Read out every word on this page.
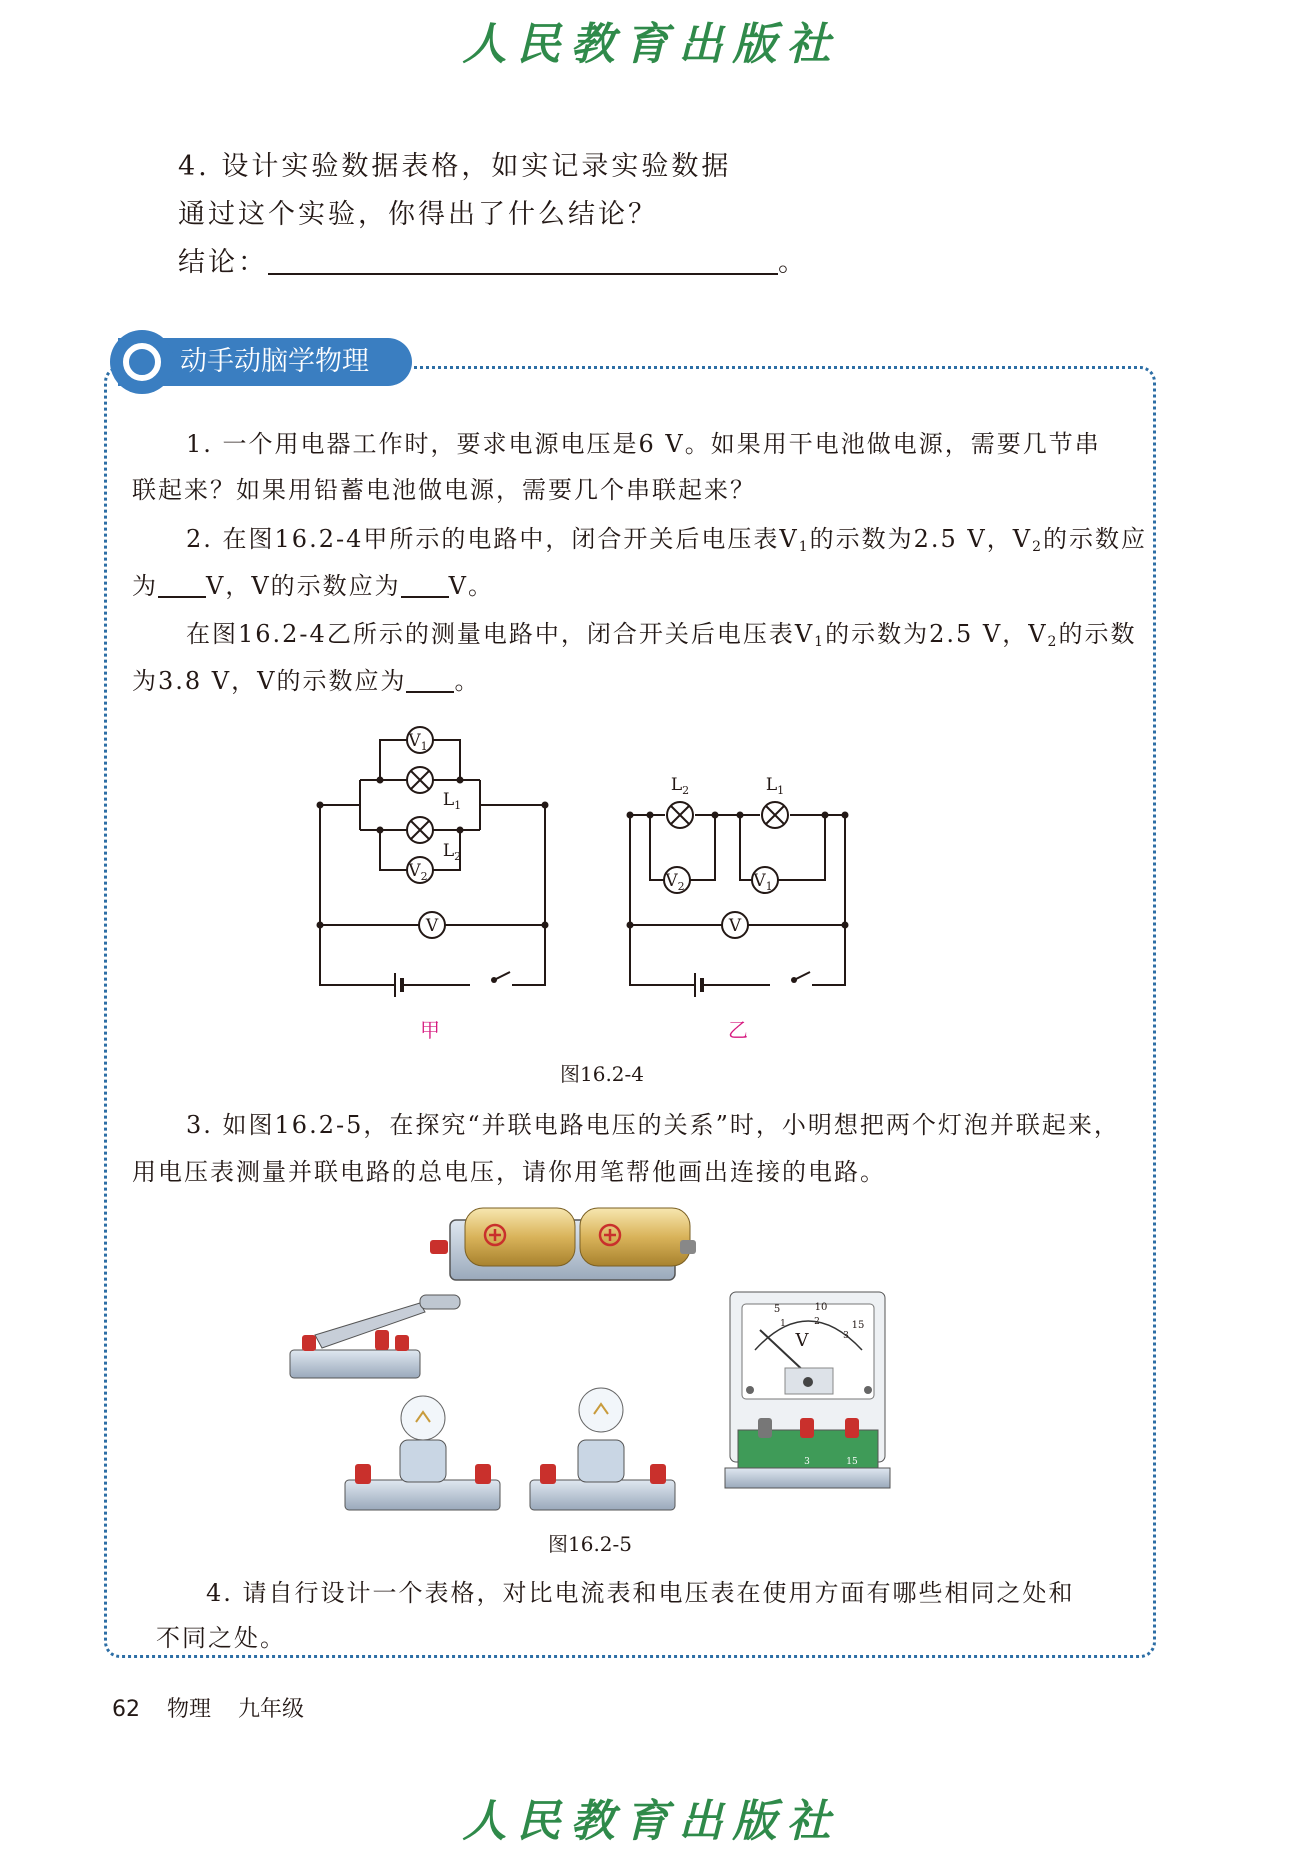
人民教育出版社
4. 设计实验数据表格，如实记录实验数据
通过这个实验，你得出了什么结论？
结论：	。
动手动脑学物理
1. 一个用电器工作时，要求电源电压是6 V。如果用干电池做电源，需要几节串
联起来？如果用铅蓄电池做电源，需要几个串联起来？
2. 在图16.2-4甲所示的电路中，闭合开关后电压表$V_1$的示数为2.5 V，$V_2$的示数应
为 V，V的示数应为 V。
在图16.2-4乙所示的测量电路中，闭合开关后电压表$V_1$的示数为2.5 V，$V_2$的示数
为3.8 V，V的示数应为 。
$V_1$
$V_2$
V
$L_1$
$L_2$
$V_2$	$V_1$
V
$L_2$	$L_1$
甲	乙
图16.2-4
3. 如图16.2-5，在探究“并联电路电压的关系”时，小明想把两个灯泡并联起来，
用电压表测量并联电路的总电压，请你用笔帮他画出连接的电路。
V
5	10
15
1	2
3
3	15
图16.2-5
4. 请自行设计一个表格，对比电流表和电压表在使用方面有哪些相同之处和
不同之处。
62 物理 九年级
人民教育出版社
